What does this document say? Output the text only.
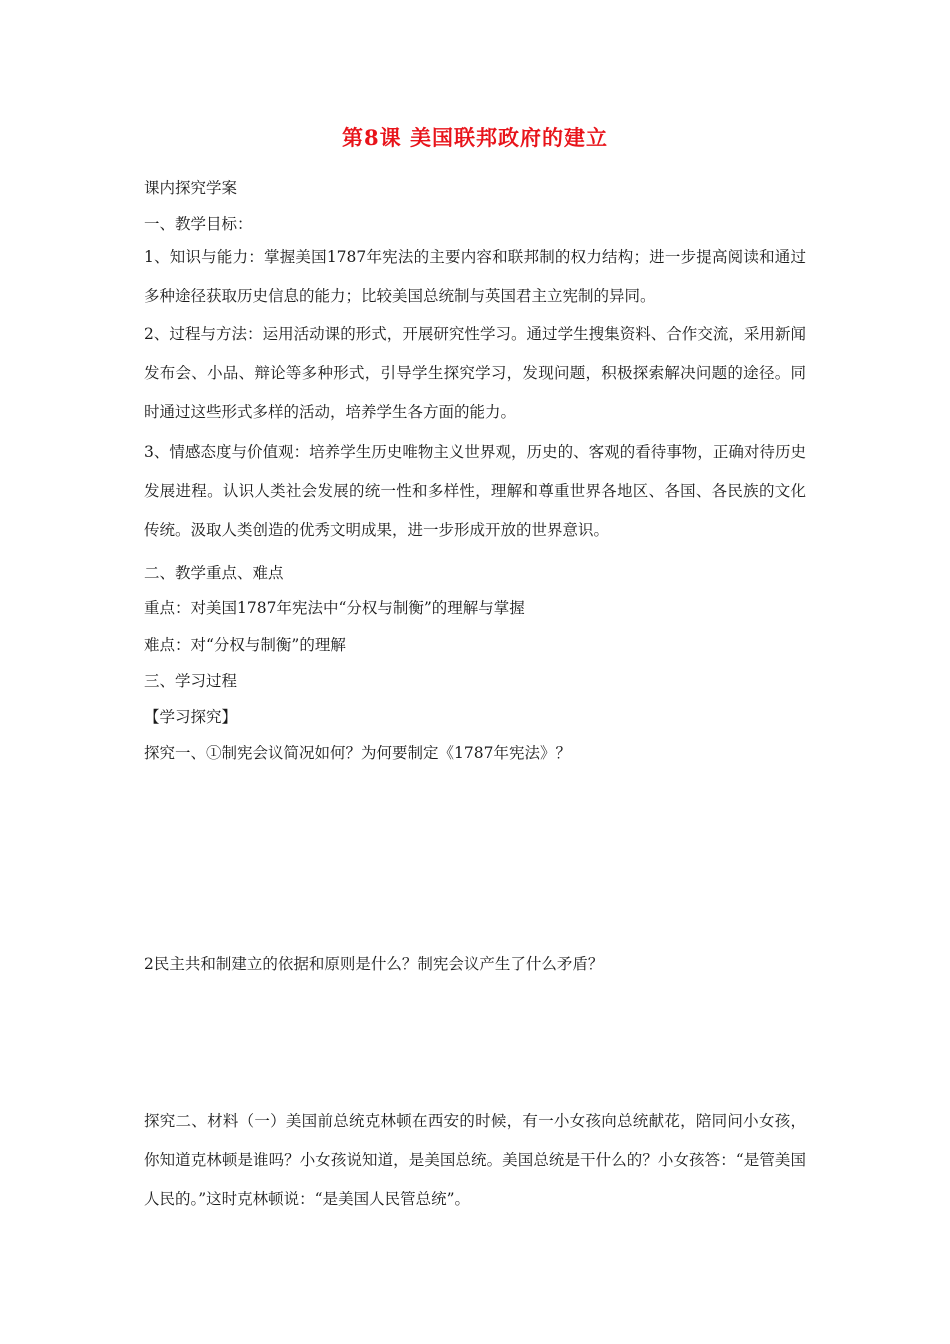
第8课 美国联邦政府的建立
课内探究学案
一、教学目标：
1、知识与能力：掌握美国1787年宪法的主要内容和联邦制的权力结构；进一步提高阅读和通过多种途径获取历史信息的能力；比较美国总统制与英国君主立宪制的异同。
2、过程与方法：运用活动课的形式，开展研究性学习。通过学生搜集资料、合作交流，采用新闻发布会、小品、辩论等多种形式，引导学生探究学习，发现问题，积极探索解决问题的途径。同时通过这些形式多样的活动，培养学生各方面的能力。
3、情感态度与价值观：培养学生历史唯物主义世界观，历史的、客观的看待事物，正确对待历史发展进程。认识人类社会发展的统一性和多样性，理解和尊重世界各地区、各国、各民族的文化传统。汲取人类创造的优秀文明成果，进一步形成开放的世界意识。
二、教学重点、难点
重点：对美国1787年宪法中“分权与制衡”的理解与掌握
难点：对“分权与制衡”的理解
三、学习过程
【学习探究】
探究一、①制宪会议简况如何？为何要制定《1787年宪法》？
2民主共和制建立的依据和原则是什么？制宪会议产生了什么矛盾？
探究二、材料（一）美国前总统克林顿在西安的时候，有一小女孩向总统献花，陪同问小女孩，你知道克林顿是谁吗？小女孩说知道，是美国总统。美国总统是干什么的？小女孩答：“是管美国人民的。”这时克林顿说：“是美国人民管总统”。
